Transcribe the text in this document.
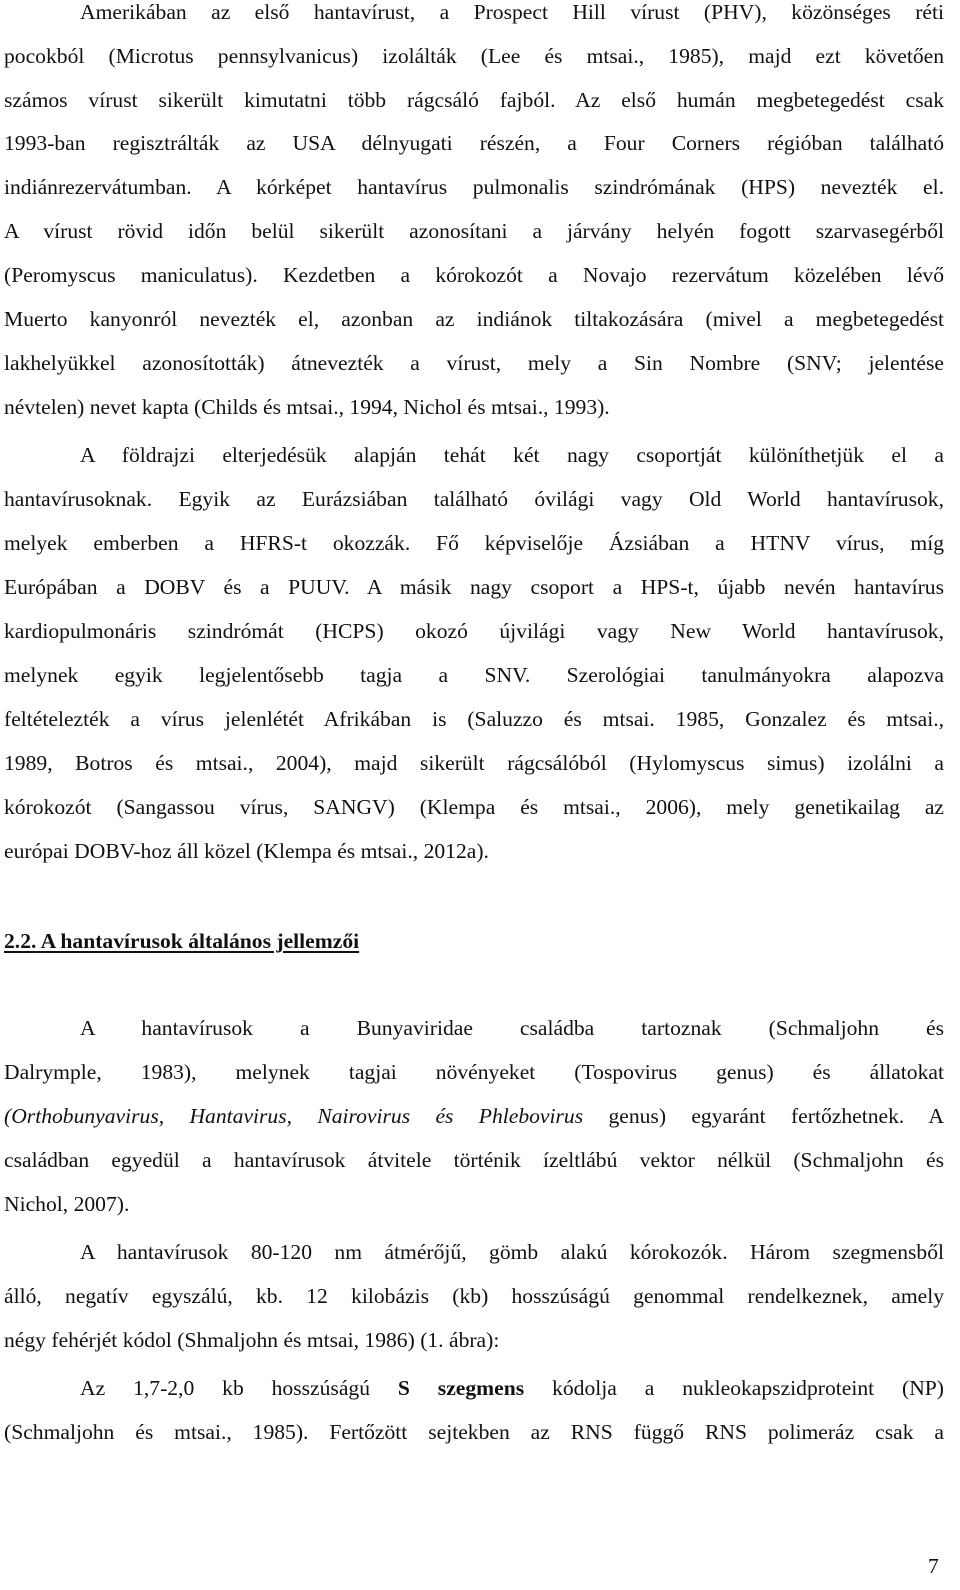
Amerikában az első hantavírust, a Prospect Hill vírust (PHV), közönséges réti
pocokból (Microtus pennsylvanicus) izolálták (Lee és mtsai., 1985), majd ezt követően
számos vírust sikerült kimutatni több rágcsáló fajból. Az első humán megbetegedést csak
1993-ban regisztrálták az USA délnyugati részén, a Four Corners régióban található
indiánrezervátumban. A kórképet hantavírus pulmonalis szindrómának (HPS) nevezték el.
A vírust rövid időn belül sikerült azonosítani a járvány helyén fogott szarvasegérből
(Peromyscus maniculatus). Kezdetben a kórokozót a Novajo rezervátum közelében lévő
Muerto kanyonról nevezték el, azonban az indiánok tiltakozására (mivel a megbetegedést
lakhelyükkel azonosították) átnevezték a vírust, mely a Sin Nombre (SNV; jelentése
névtelen) nevet kapta (Childs és mtsai., 1994, Nichol és mtsai., 1993).
A földrajzi elterjedésük alapján tehát két nagy csoportját különíthetjük el a
hantavírusoknak. Egyik az Eurázsiában található óvilági vagy Old World hantavírusok,
melyek emberben a HFRS-t okozzák. Fő képviselője Ázsiában a HTNV vírus, míg
Európában a DOBV és a PUUV. A másik nagy csoport a HPS-t, újabb nevén hantavírus
kardiopulmonáris szindrómát (HCPS) okozó újvilági vagy New World hantavírusok,
melynek egyik legjelentősebb tagja a SNV. Szerológiai tanulmányokra alapozva
feltételezték a vírus jelenlétét Afrikában is (Saluzzo és mtsai. 1985, Gonzalez és mtsai.,
1989, Botros és mtsai., 2004), majd sikerült rágcsálóból (Hylomyscus simus) izolálni a
kórokozót (Sangassou vírus, SANGV) (Klempa és mtsai., 2006), mely genetikailag az
európai DOBV-hoz áll közel (Klempa és mtsai., 2012a).
2.2. A hantavírusok általános jellemzői
A hantavírusok a Bunyaviridae családba tartoznak (Schmaljohn és
Dalrymple, 1983), melynek tagjai növényeket (Tospovirus genus) és állatokat
(Orthobunyavirus, Hantavirus, Nairovirus és Phlebovirus genus) egyaránt fertőzhetnek. A
családban egyedül a hantavírusok átvitele történik ízeltlábú vektor nélkül (Schmaljohn és
Nichol, 2007).
A hantavírusok 80-120 nm átmérőjű, gömb alakú kórokozók. Három szegmensből
álló, negatív egyszálú, kb. 12 kilobázis (kb) hosszúságú genommal rendelkeznek, amely
négy fehérjét kódol (Shmaljohn és mtsai, 1986) (1. ábra):
Az 1,7-2,0 kb hosszúságú S szegmens kódolja a nukleokapszidproteint (NP)
(Schmaljohn és mtsai., 1985). Fertőzött sejtekben az RNS függő RNS polimeráz csak a
7
